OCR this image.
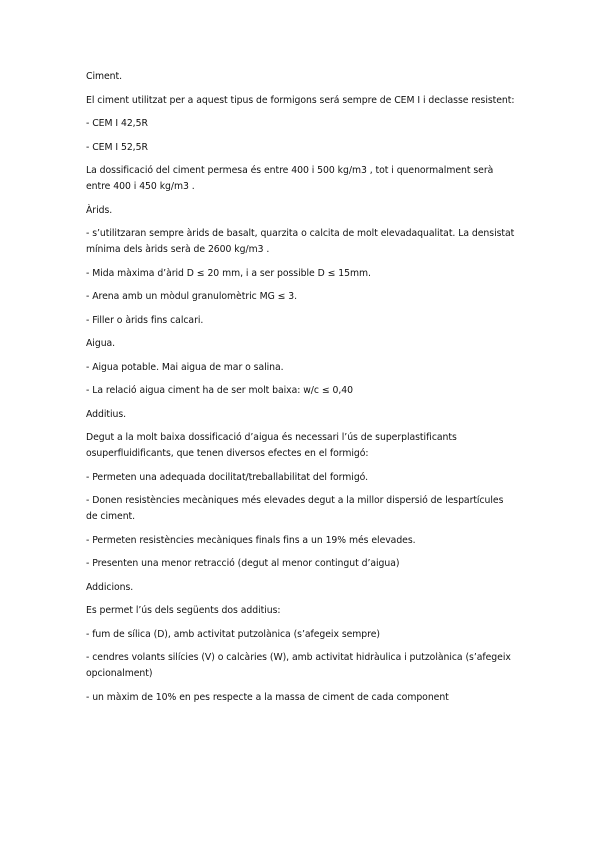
Ciment.

El ciment utilitzat per a aquest tipus de formigons será sempre de CEM I i declasse resistent:

- CEM I 42,5R

- CEM I 52,5R

La dossificació del ciment permesa és entre 400 i 500 kg/m3 , tot i quenormalment serà entre 400 i 450 kg/m3 .

Àrids.

- s’utilitzaran sempre àrids de basalt, quarzita o calcita de molt elevadaqualitat. La densistat mínima dels àrids serà de 2600 kg/m3 .

- Mida màxima d’àrid D ≤ 20 mm, i a ser possible D ≤ 15mm.

- Arena amb un mòdul granulomètric MG ≤ 3.

- Filler o àrids fins calcari.

Aigua.

- Aigua potable. Mai aigua de mar o salina.

- La relació aigua ciment ha de ser molt baixa: w/c ≤ 0,40

Additius.

Degut a la molt baixa dossificació d’aigua és necessari l’ús de superplastificants osuperfluidificants, que tenen diversos efectes en el formigó:

- Permeten una adequada docilitat/treballabilitat del formigó.

- Donen resistències mecàniques més elevades degut a la millor dispersió de lespartícules de ciment.

- Permeten resistències mecàniques finals fins a un 19% més elevades.

- Presenten una menor retracció (degut al menor contingut d’aigua)

Addicions.

Es permet l’ús dels següents dos additius:

- fum de sílica (D), amb activitat putzolànica (s’afegeix sempre)

- cendres volants silícies (V) o calcàries (W), amb activitat hidràulica i putzolànica (s’afegeix opcionalment)

- un màxim de 10% en pes respecte a la massa de ciment de cada component
